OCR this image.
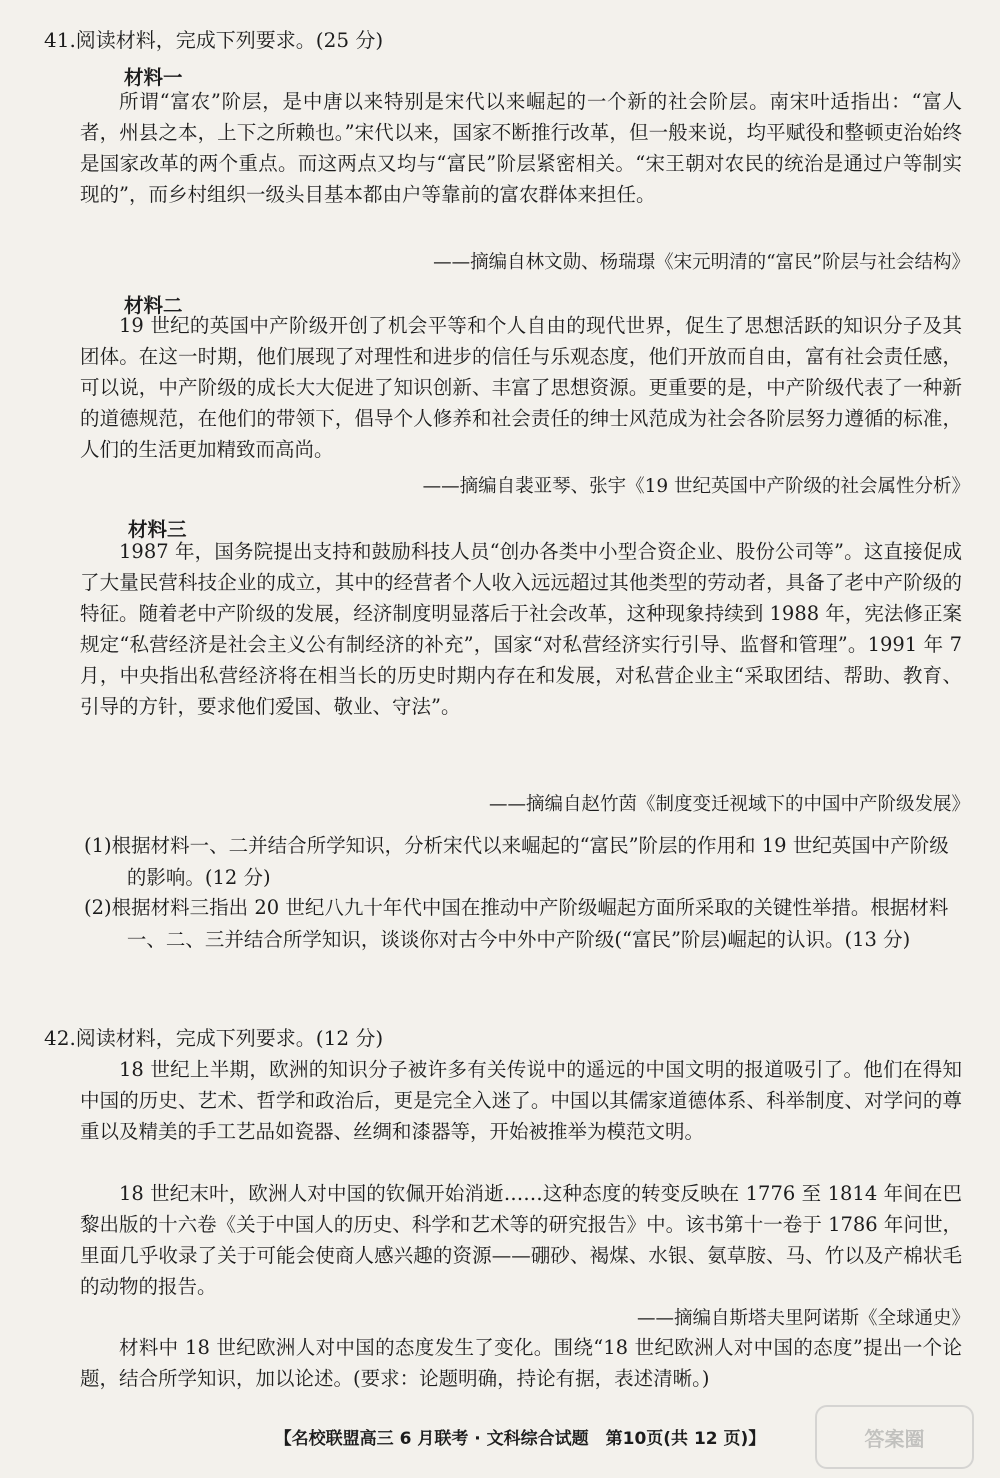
41.阅读材料，完成下列要求。(25 分)
材料一
所谓“富农”阶层，是中唐以来特别是宋代以来崛起的一个新的社会阶层。南宋叶适指出：“富人者，州县之本，上下之所赖也。”宋代以来，国家不断推行改革，但一般来说，均平赋役和整顿吏治始终是国家改革的两个重点。而这两点又均与“富民”阶层紧密相关。“宋王朝对农民的统治是通过户等制实现的”，而乡村组织一级头目基本都由户等靠前的富农群体来担任。
——摘编自林文勋、杨瑞璟《宋元明清的“富民”阶层与社会结构》
材料二
19 世纪的英国中产阶级开创了机会平等和个人自由的现代世界，促生了思想活跃的知识分子及其团体。在这一时期，他们展现了对理性和进步的信任与乐观态度，他们开放而自由，富有社会责任感，可以说，中产阶级的成长大大促进了知识创新、丰富了思想资源。更重要的是，中产阶级代表了一种新的道德规范，在他们的带领下，倡导个人修养和社会责任的绅士风范成为社会各阶层努力遵循的标准，人们的生活更加精致而高尚。
——摘编自裴亚琴、张宇《19 世纪英国中产阶级的社会属性分析》
材料三
1987 年，国务院提出支持和鼓励科技人员“创办各类中小型合资企业、股份公司等”。这直接促成了大量民营科技企业的成立，其中的经营者个人收入远远超过其他类型的劳动者，具备了老中产阶级的特征。随着老中产阶级的发展，经济制度明显落后于社会改革，这种现象持续到 1988 年，宪法修正案规定“私营经济是社会主义公有制经济的补充”，国家“对私营经济实行引导、监督和管理”。1991 年 7 月，中央指出私营经济将在相当长的历史时期内存在和发展，对私营企业主“采取团结、帮助、教育、引导的方针，要求他们爱国、敬业、守法”。
——摘编自赵竹茵《制度变迁视域下的中国中产阶级发展》
(1)根据材料一、二并结合所学知识，分析宋代以来崛起的“富民”阶层的作用和 19 世纪英国中产阶级的影响。(12 分)
(2)根据材料三指出 20 世纪八九十年代中国在推动中产阶级崛起方面所采取的关键性举措。根据材料一、二、三并结合所学知识，谈谈你对古今中外中产阶级(“富民”阶层)崛起的认识。(13 分)
42.阅读材料，完成下列要求。(12 分)
18 世纪上半期，欧洲的知识分子被许多有关传说中的遥远的中国文明的报道吸引了。他们在得知中国的历史、艺术、哲学和政治后，更是完全入迷了。中国以其儒家道德体系、科举制度、对学问的尊重以及精美的手工艺品如瓷器、丝绸和漆器等，开始被推举为模范文明。
18 世纪末叶，欧洲人对中国的钦佩开始消逝……这种态度的转变反映在 1776 至 1814 年间在巴黎出版的十六卷《关于中国人的历史、科学和艺术等的研究报告》中。该书第十一卷于 1786 年问世，里面几乎收录了关于可能会使商人感兴趣的资源——硼砂、褐煤、水银、氨草胺、马、竹以及产棉状毛的动物的报告。
——摘编自斯塔夫里阿诺斯《全球通史》
材料中 18 世纪欧洲人对中国的态度发生了变化。围绕“18 世纪欧洲人对中国的态度”提出一个论题，结合所学知识，加以论述。(要求：论题明确，持论有据，表述清晰。)
【名校联盟高三 6 月联考 · 文科综合试题　第10页(共 12 页)】	答案圈
